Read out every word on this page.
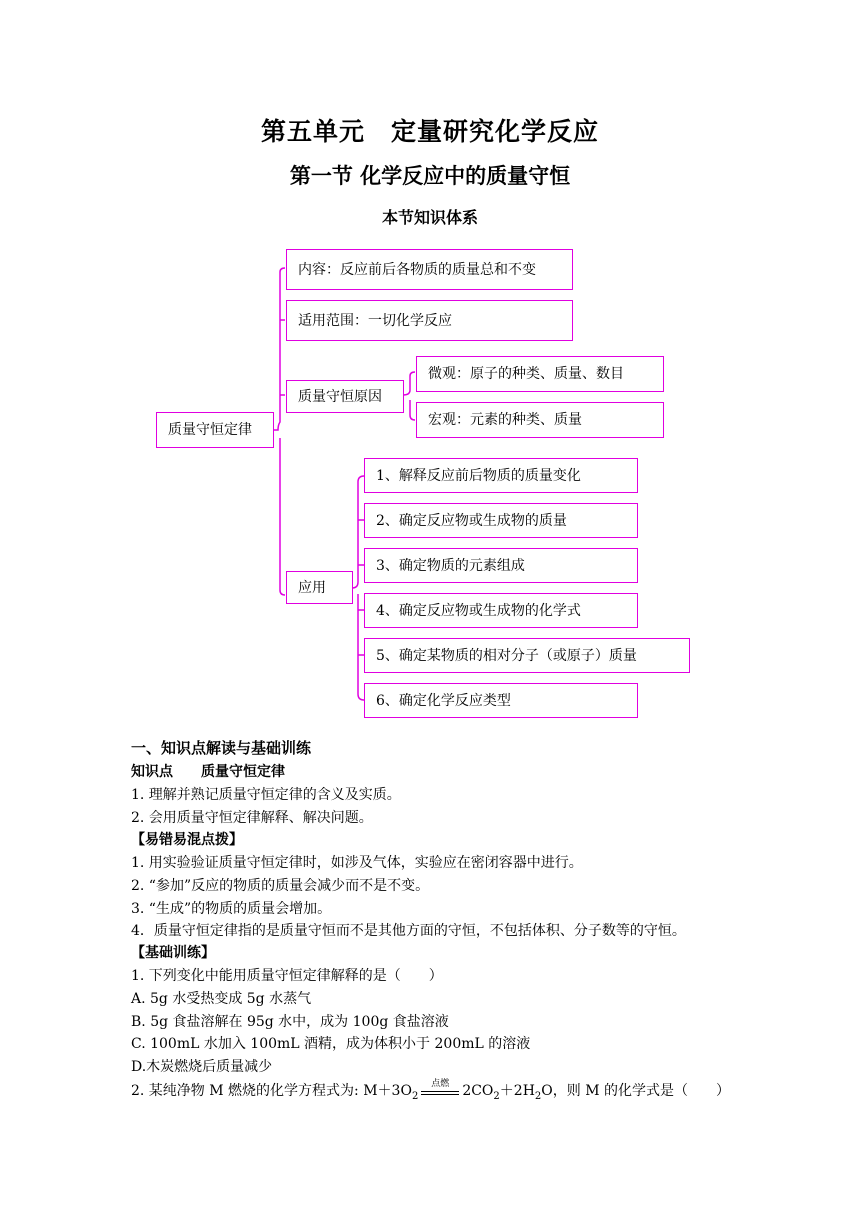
第五单元　定量研究化学反应
第一节 化学反应中的质量守恒
本节知识体系
质量守恒定律
内容：反应前后各物质的质量总和不变
适用范围：一切化学反应
质量守恒原因
微观：原子的种类、质量、数目
宏观：元素的种类、质量
应用
1、解释反应前后物质的质量变化
2、确定反应物或生成物的质量
3、确定物质的元素组成
4、确定反应物或生成物的化学式
5、确定某物质的相对分子（或原子）质量
6、确定化学反应类型
一、知识点解读与基础训练
知识点　　质量守恒定律
1. 理解并熟记质量守恒定律的含义及实质。
2. 会用质量守恒定律解释、解决问题。
【易错易混点拨】
1. 用实验验证质量守恒定律时，如涉及气体，实验应在密闭容器中进行。
2. “参加”反应的物质的质量会减少而不是不变。
3. “生成”的物质的质量会增加。
4．质量守恒定律指的是质量守恒而不是其他方面的守恒，不包括体积、分子数等的守恒。
【基础训练】
1. 下列变化中能用质量守恒定律解释的是（　　）
A. 5g 水受热变成 5g 水蒸气
B. 5g 食盐溶解在 95g 水中，成为 100g 食盐溶液
C. 100mL 水加入 100mL 酒精，成为体积小于 200mL 的溶液
D.木炭燃烧后质量减少
2. 某纯净物 M 燃烧的化学方程式为: $M+3O_2$
点燃 $2CO_2+2H_2O$，则 M 的化学式是（　　）
